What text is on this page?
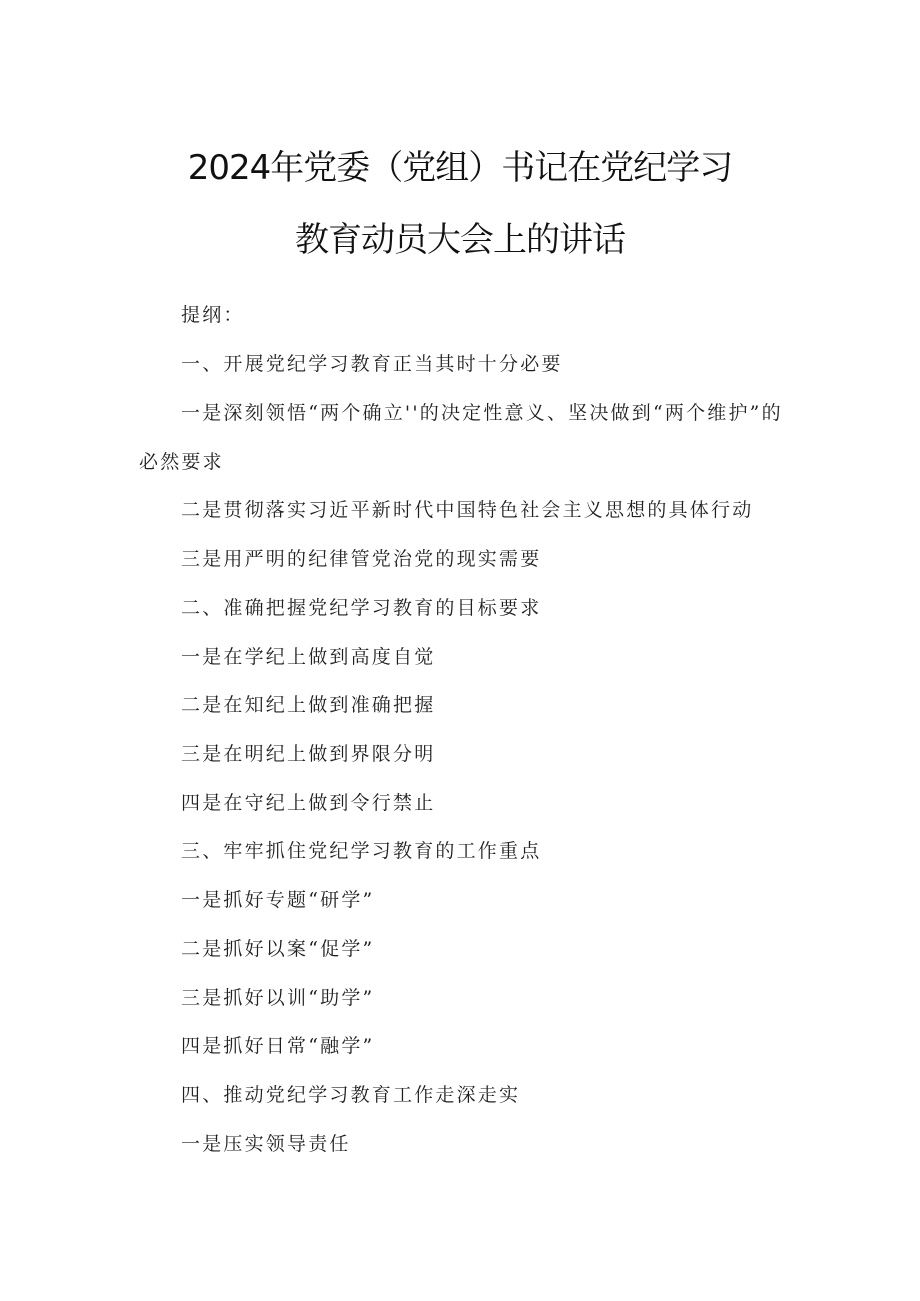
2024年党委（党组）书记在党纪学习
教育动员大会上的讲话
提纲：
一、开展党纪学习教育正当其时十分必要
一是深刻领悟“两个确立''的决定性意义、坚决做到“两个维护”的
必然要求
二是贯彻落实习近平新时代中国特色社会主义思想的具体行动
三是用严明的纪律管党治党的现实需要
二、准确把握党纪学习教育的目标要求
一是在学纪上做到高度自觉
二是在知纪上做到准确把握
三是在明纪上做到界限分明
四是在守纪上做到令行禁止
三、牢牢抓住党纪学习教育的工作重点
一是抓好专题“研学”
二是抓好以案“促学”
三是抓好以训“助学”
四是抓好日常“融学”
四、推动党纪学习教育工作走深走实
一是压实领导责任
